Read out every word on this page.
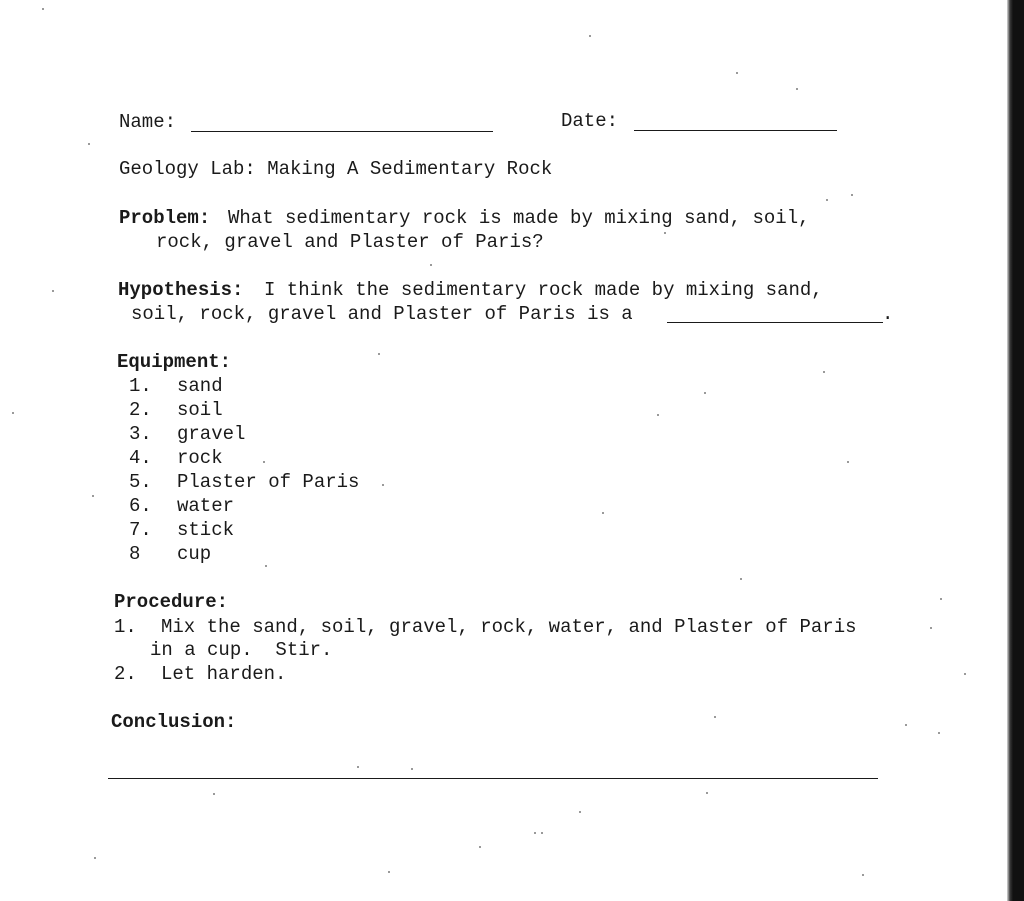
Name:	Date:
Geology Lab: Making A Sedimentary Rock
Problem: What sedimentary rock is made by mixing sand, soil,
rock, gravel and Plaster of Paris?
Hypothesis: I think the sedimentary rock made by mixing sand,
soil, rock, gravel and Plaster of Paris is a	.
Equipment:
1. sand
2. soil
3. gravel
4. rock
5. Plaster of Paris
6. water
7. stick
8 cup
Procedure:
1. Mix the sand, soil, gravel, rock, water, and Plaster of Paris
in a cup.  Stir.
2. Let harden.
Conclusion:
